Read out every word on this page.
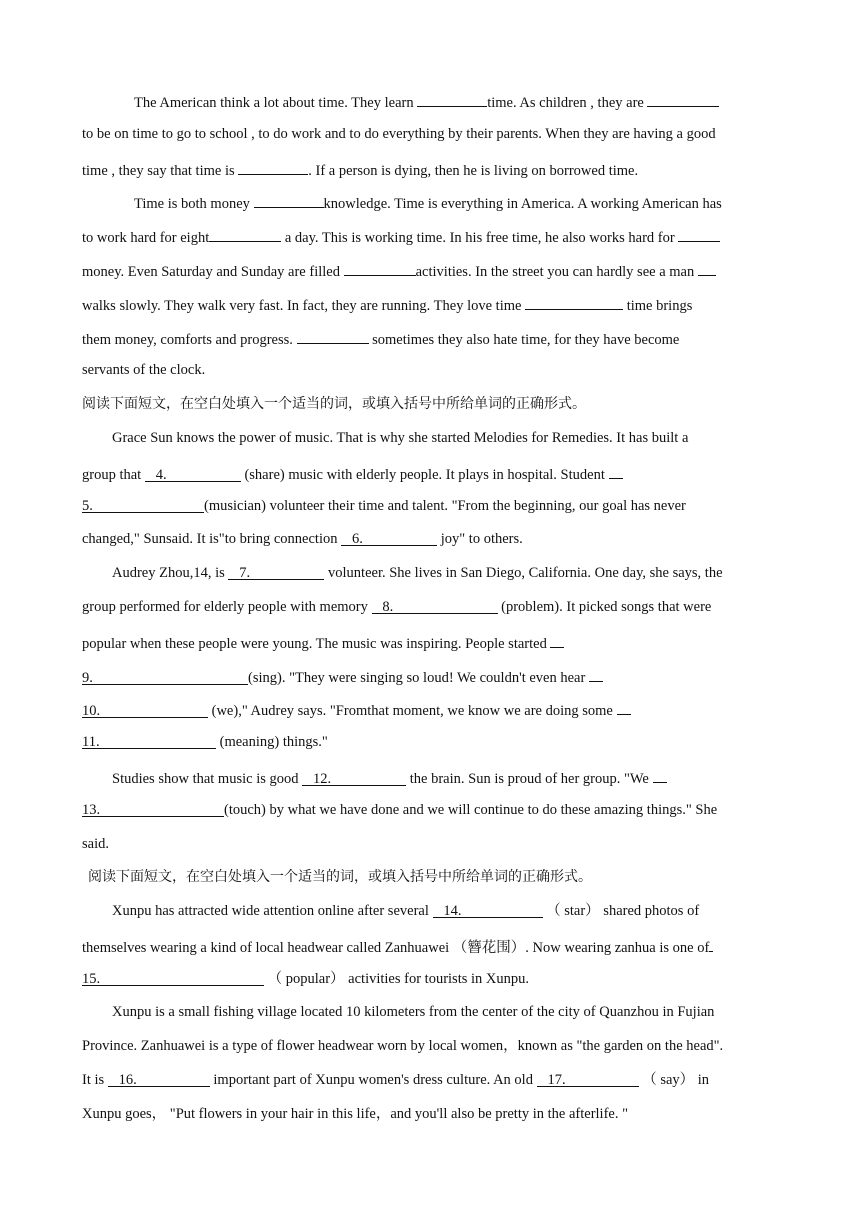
The American think a lot about time. They learn	time. As children , they are
to be on time to go to school , to do work and to do everything by their parents. When they are having a good
time , they say that time is	. If a person is dying, then he is living on borrowed time.
Time is both money	knowledge. Time is everything in America. A working American has
to work hard for eight	a day. This is working time. In his free time, he also works hard for
money. Even Saturday and Sunday are filled	activities. In the street you can hardly see a man
walks slowly. They walk very fast. In fact, they are running. They love time	time brings
them money, comforts and progress.	sometimes they also hate time, for they have become
servants of the clock.
阅读下面短文，在空白处填入一个适当的词，或填入括号中所给单词的正确形式。
Grace Sun knows the power of music. That is why she started Melodies for Remedies. It has built a
group that    4.	(share) music with elderly people. It plays in hospital. Student
5.	(musician) volunteer their time and talent. "From the beginning, our goal has never
changed," Sunsaid. It is"to bring connection    6.	joy" to others.
Audrey Zhou,14, is    7.	volunteer. She lives in San Diego, California. One day, she says, the
group performed for elderly people with memory    8.	(problem). It picked songs that were
popular when these people were young. The music was inspiring. People started
9.	(sing). "They were singing so loud! We couldn't even hear
10.	(we)," Audrey says. "Fromthat moment, we know we are doing some
11.	(meaning) things."
Studies show that music is good    12.	the brain. Sun is proud of her group. "We
13.	(touch) by what we have done and we will continue to do these amazing things." She
said.
阅读下面短文，在空白处填入一个适当的词，或填入括号中所给单词的正确形式。
Xunpu has attracted wide attention online after several    14.	（ star） shared photos of
themselves wearing a kind of local headwear called Zanhuawei （簪花围）. Now wearing zanhua is one of
15.	（ popular） activities for tourists in Xunpu.
Xunpu is a small fishing village located 10 kilometers from the center of the city of Quanzhou in Fujian
Province. Zanhuawei is a type of flower headwear worn by local women，known as "the garden on the head".
It is    16.	important part of Xunpu women's dress culture. An old    17.	（ say） in
Xunpu goes， "Put flowers in your hair in this life，and you'll also be pretty in the afterlife. "
